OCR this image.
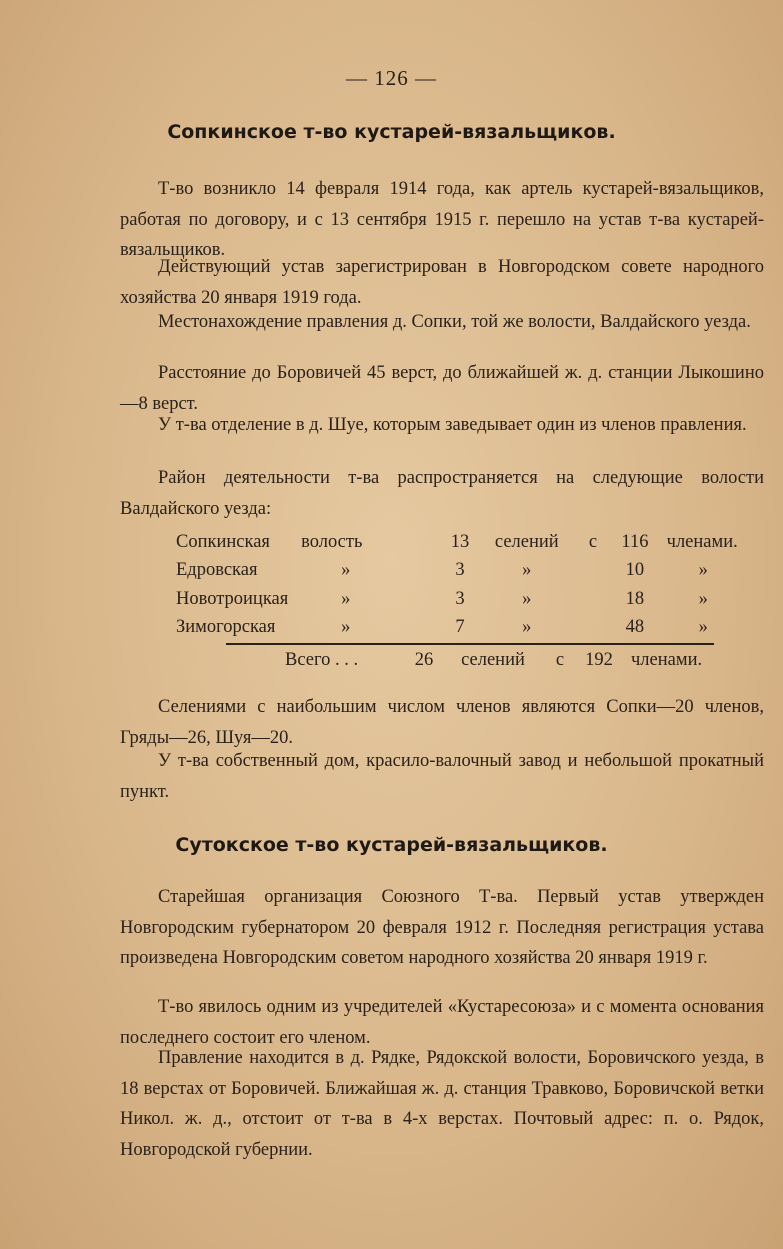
— 126 —
Сопкинское т-во кустарей-вязальщиков.

Т-во возникло 14 февраля 1914 года, как артель кустарей-вязальщиков, работая по договору, и с 13 сентября 1915 г. перешло на устав т-ва кустарей-вязальщиков.

Действующий устав зарегистрирован в Новгородском совете народного хозяйства 20 января 1919 года.

Местонахождение правления д. Сопки, той же волости, Валдайского уезда.

Расстояние до Боровичей 45 верст, до ближайшей ж. д. станции Лыкошино—8 верст.

У т-ва отделение в д. Шуе, которым заведывает один из членов правления.

Район деятельности т-ва распространяется на следующие волости Валдайского уезда:

Сопкинская	волость	13	селений	с	116	членами.
Едровская	»	3	»		10	»
Новотроицкая	»	3	»		18	»
Зимогорская	»	7	»		48	»
Всего . . .	26 селений с 192 членами.

Селениями с наибольшим числом членов являются Сопки—20 членов, Гряды—26, Шуя—20.

У т-ва собственный дом, красило-валочный завод и небольшой прокатный пункт.

Сутокское т-во кустарей-вязальщиков.

Старейшая организация Союзного Т-ва. Первый устав утвержден Новгородским губернатором 20 февраля 1912 г. Последняя регистрация устава произведена Новгородским советом народного хозяйства 20 января 1919 г.

Т-во явилось одним из учредителей «Кустаресоюза» и с момента основания последнего состоит его членом.

Правление находится в д. Рядке, Рядокской волости, Боровичского уезда, в 18 верстах от Боровичей. Ближайшая ж. д. станция Травково, Боровичской ветки Никол. ж. д., отстоит от т-ва в 4-х верстах. Почтовый адрес: п. о. Рядок, Новгородской губернии.
